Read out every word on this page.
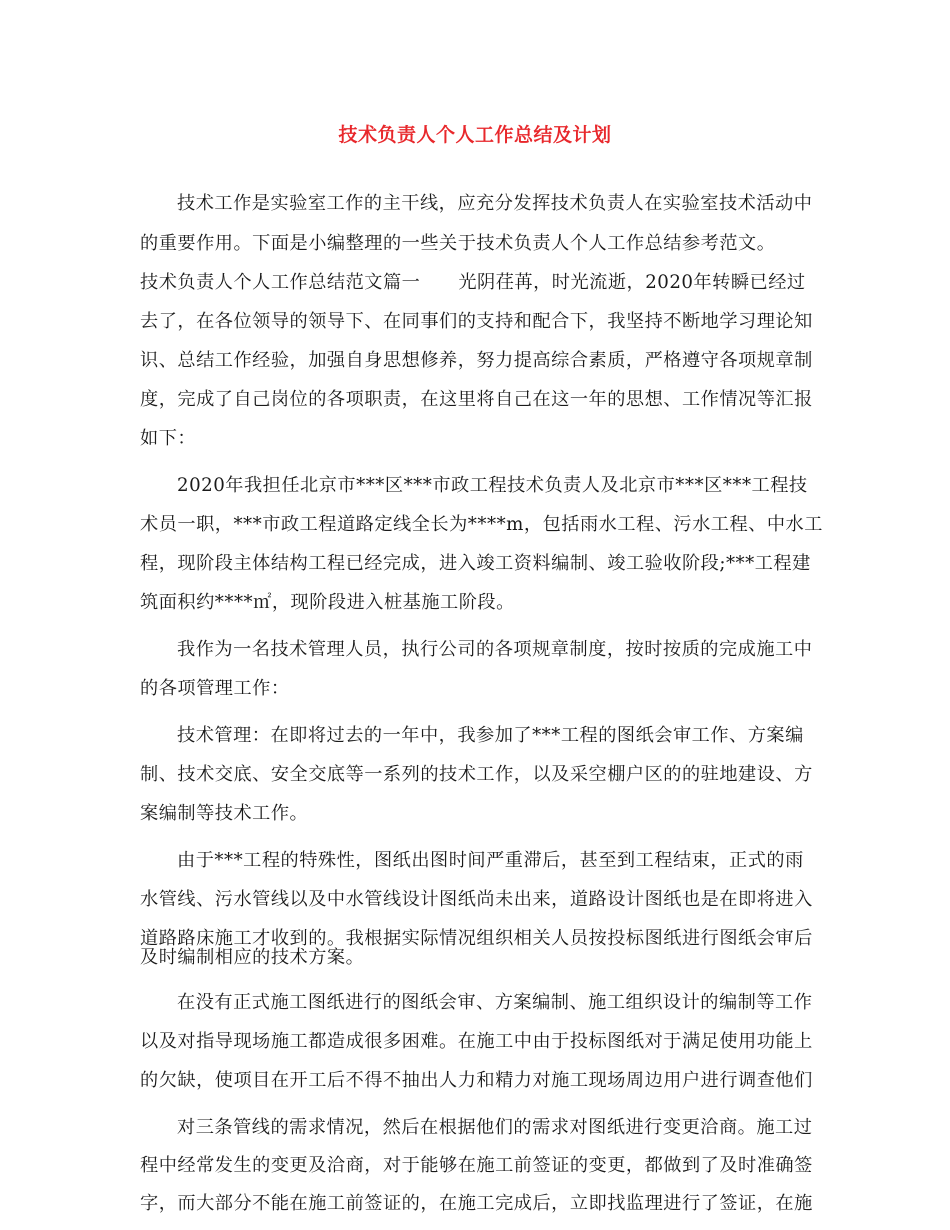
技术负责人个人工作总结及计划
技术工作是实验室工作的主干线，应充分发挥技术负责人在实验室技术活动中
的重要作用。下面是小编整理的一些关于技术负责人个人工作总结参考范文。
技术负责人个人工作总结范文篇一 光阴荏苒，时光流逝，2020年转瞬已经过
去了，在各位领导的领导下、在同事们的支持和配合下，我坚持不断地学习理论知
识、总结工作经验，加强自身思想修养，努力提高综合素质，严格遵守各项规章制
度，完成了自己岗位的各项职责，在这里将自己在这一年的思想、工作情况等汇报
如下：
2020年我担任北京市***区***市政工程技术负责人及北京市***区***工程技
术员一职，***市政工程道路定线全长为****m，包括雨水工程、污水工程、中水工
程，现阶段主体结构工程已经完成，进入竣工资料编制、竣工验收阶段;***工程建
筑面积约****㎡，现阶段进入桩基施工阶段。
我作为一名技术管理人员，执行公司的各项规章制度，按时按质的完成施工中
的各项管理工作：
技术管理：在即将过去的一年中，我参加了***工程的图纸会审工作、方案编
制、技术交底、安全交底等一系列的技术工作，以及采空棚户区的的驻地建设、方
案编制等技术工作。
由于***工程的特殊性，图纸出图时间严重滞后，甚至到工程结束，正式的雨
水管线、污水管线以及中水管线设计图纸尚未出来，道路设计图纸也是在即将进入
道路路床施工才收到的。我根据实际情况组织相关人员按投标图纸进行图纸会审后
及时编制相应的技术方案。
在没有正式施工图纸进行的图纸会审、方案编制、施工组织设计的编制等工作
以及对指导现场施工都造成很多困难。在施工中由于投标图纸对于满足使用功能上
的欠缺，使项目在开工后不得不抽出人力和精力对施工现场周边用户进行调查他们
对三条管线的需求情况，然后在根据他们的需求对图纸进行变更洽商。施工过
程中经常发生的变更及洽商，对于能够在施工前签证的变更，都做到了及时准确签
字，而大部分不能在施工前签证的，在施工完成后，立即找监理进行了签证，在施
